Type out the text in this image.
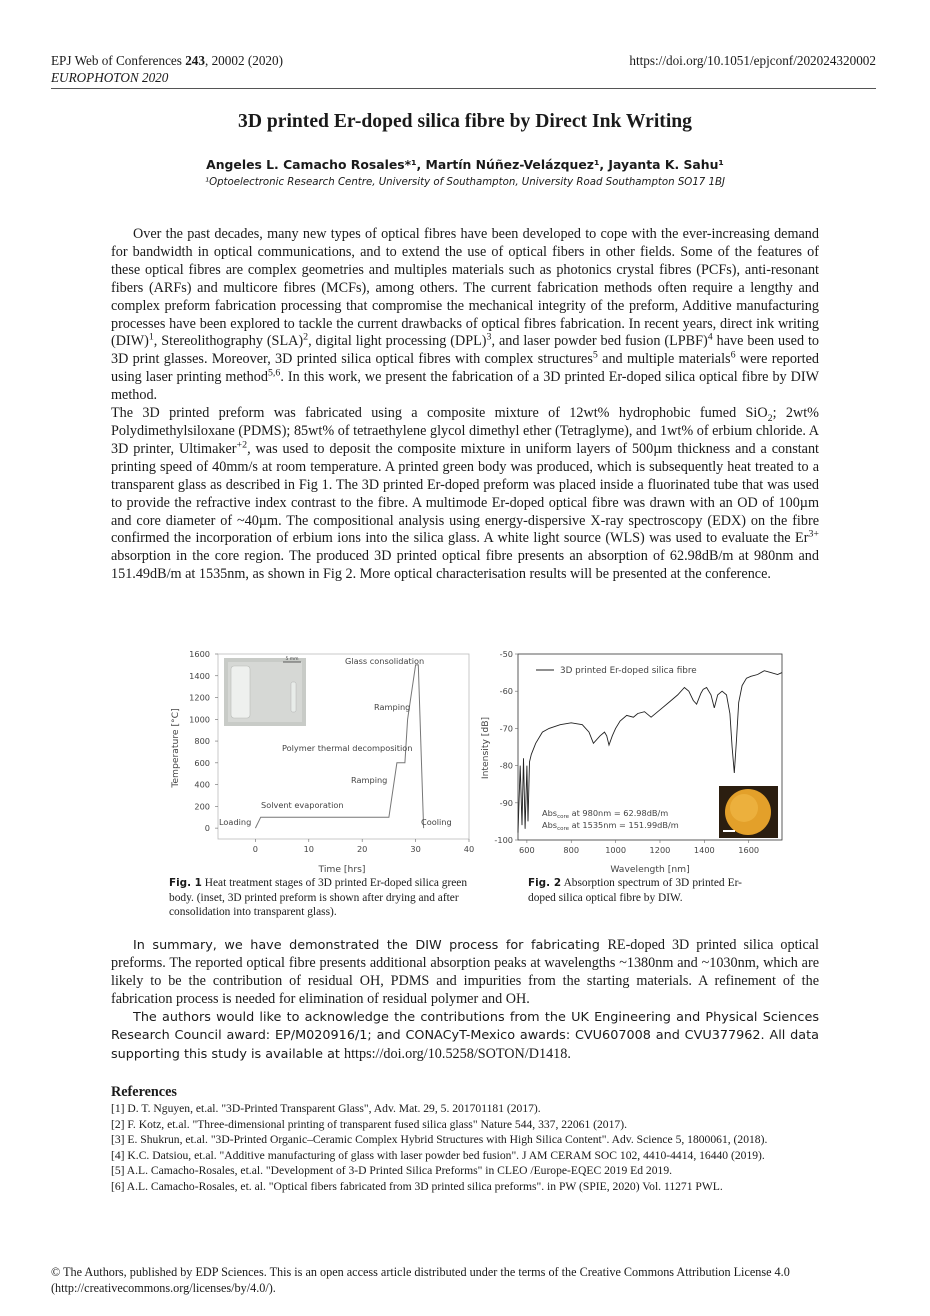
EPJ Web of Conferences 243, 20002 (2020)
EUROPHOTON 2020
https://doi.org/10.1051/epjconf/202024320002
3D printed Er-doped silica fibre by Direct Ink Writing
Angeles L. Camacho Rosales*¹, Martín Núñez-Velázquez¹, Jayanta K. Sahu¹
¹Optoelectronic Research Centre, University of Southampton, University Road Southampton SO17 1BJ

Over the past decades, many new types of optical fibres have been developed to cope with the ever-increasing demand for bandwidth in optical communications, and to extend the use of optical fibers in other fields. Some of the features of these optical fibres are complex geometries and multiples materials such as photonics crystal fibres (PCFs), anti-resonant fibers (ARFs) and multicore fibres (MCFs), among others. The current fabrication methods often require a lengthy and complex preform fabrication processing that compromise the mechanical integrity of the preform, Additive manufacturing processes have been explored to tackle the current drawbacks of optical fibres fabrication. In recent years, direct ink writing (DIW)$^1$, Stereolithography (SLA)$^2$, digital light processing (DPL)$^3$, and laser powder bed fusion (LPBF)$^4$ have been used to 3D print glasses. Moreover, 3D printed silica optical fibres with complex structures$^5$ and multiple materials$^6$ were reported using laser printing method$^{5,6}$. In this work, we present the fabrication of a 3D printed Er-doped silica optical fibre by DIW method.

The 3D printed preform was fabricated using a composite mixture of 12wt% hydrophobic fumed SiO$_2$; 2wt% Polydimethylsiloxane (PDMS); 85wt% of tetraethylene glycol dimethyl ether (Tetraglyme), and 1wt% of erbium chloride. A 3D printer, Ultimaker$^{+2}$, was used to deposit the composite mixture in uniform layers of 500µm thickness and a constant printing speed of 40mm/s at room temperature. A printed green body was produced, which is subsequently heat treated to a transparent glass as described in Fig 1. The 3D printed Er-doped preform was placed inside a fluorinated tube that was used to provide the refractive index contrast to the fibre. A multimode Er-doped optical fibre was drawn with an OD of 100µm and core diameter of ~40µm. The compositional analysis using energy-dispersive X-ray spectroscopy (EDX) on the fibre confirmed the incorporation of erbium ions into the silica glass. A white light source (WLS) was used to evaluate the $Er^{3+}$ absorption in the core region. The produced 3D printed optical fibre presents an absorption of 62.98dB/m at 980nm and 151.49dB/m at 1535nm, as shown in Fig 2. More optical characterisation results will be presented at the conference.

0	10	20	30	40
0
200
400
600
800
1000
1200
1400
1600
5 mm	Glass consolidation
Ramping
Polymer thermal decomposition
Ramping
Solvent evaporation
Loading	Cooling
Time [hrs]
Temperature [°C]
600	800	1000	1200	1400	1600
-50
-60
-70
-80
-90
-100
3D printed Er-doped silica fibre
Abs$_{core}$ at 980nm = 62.98dB/m
Abs$_{core}$ at 1535nm = 151.99dB/m
Wavelength [nm]
Intensity [dB]
Fig. 1 Heat treatment stages of 3D printed Er-doped silica green body. (inset, 3D printed preform is shown after drying and after consolidation into transparent glass).
Fig. 2 Absorption spectrum of 3D printed Er-doped silica optical fibre by DIW.

In summary, we have demonstrated the DIW process for fabricating RE-doped 3D printed silica optical preforms. The reported optical fibre presents additional absorption peaks at wavelengths ~1380nm and ~1030nm, which are likely to be the contribution of residual OH, PDMS and impurities from the starting materials. A refinement of the fabrication process is needed for elimination of residual polymer and OH.

The authors would like to acknowledge the contributions from the UK Engineering and Physical Sciences Research Council award: EP/M020916/1; and CONACyT-Mexico awards: CVU607008 and CVU377962. All data supporting this study is available at https://doi.org/10.5258/SOTON/D1418.

References
[1] D. T. Nguyen, et.al. "3D-Printed Transparent Glass", Adv. Mat. 29, 5. 201701181 (2017).
[2] F. Kotz, et.al. "Three-dimensional printing of transparent fused silica glass" Nature 544, 337, 22061 (2017).
[3] E. Shukrun, et.al. "3D-Printed Organic–Ceramic Complex Hybrid Structures with High Silica Content". Adv. Science 5, 1800061, (2018).
[4] K.C. Datsiou, et.al. "Additive manufacturing of glass with laser powder bed fusion". J AM CERAM SOC 102, 4410-4414, 16440 (2019).
[5] A.L. Camacho-Rosales, et.al. "Development of 3-D Printed Silica Preforms" in CLEO /Europe-EQEC 2019 Ed 2019.
[6] A.L. Camacho-Rosales, et. al. "Optical fibers fabricated from 3D printed silica preforms". in PW (SPIE, 2020) Vol. 11271 PWL.
© The Authors, published by EDP Sciences. This is an open access article distributed under the terms of the Creative Commons Attribution License 4.0 (http://creativecommons.org/licenses/by/4.0/).
